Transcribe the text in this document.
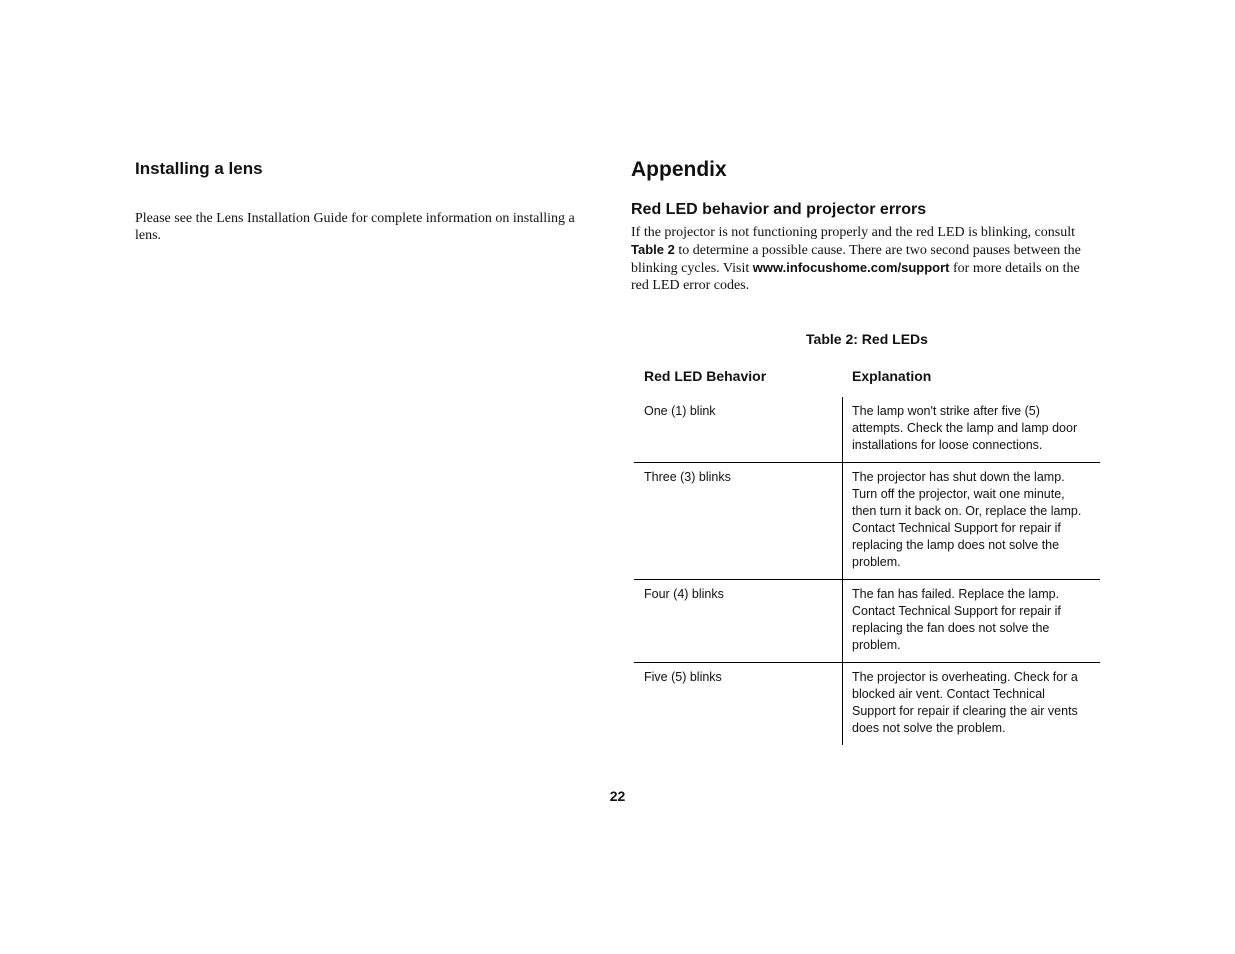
Installing a lens

Please see the Lens Installation Guide for complete information on installing a lens.

Appendix
Red LED behavior and projector errors

If the projector is not functioning properly and the red LED is blinking, consult Table 2 to determine a possible cause. There are two second pauses between the blinking cycles. Visit www.infocushome.com/support for more details on the red LED error codes.

Table 2: Red LEDs
Red LED Behavior	Explanation
One (1) blink	The lamp won't strike after five (5) attempts. Check the lamp and lamp door installations for loose connections.
Three (3) blinks	The projector has shut down the lamp. Turn off the projector, wait one minute, then turn it back on. Or, replace the lamp. Contact Technical Support for repair if replacing the lamp does not solve the problem.
Four (4) blinks	The fan has failed. Replace the lamp. Contact Technical Support for repair if replacing the fan does not solve the problem.
Five (5) blinks	The projector is overheating. Check for a blocked air vent. Contact Technical Support for repair if clearing the air vents does not solve the problem.
22
